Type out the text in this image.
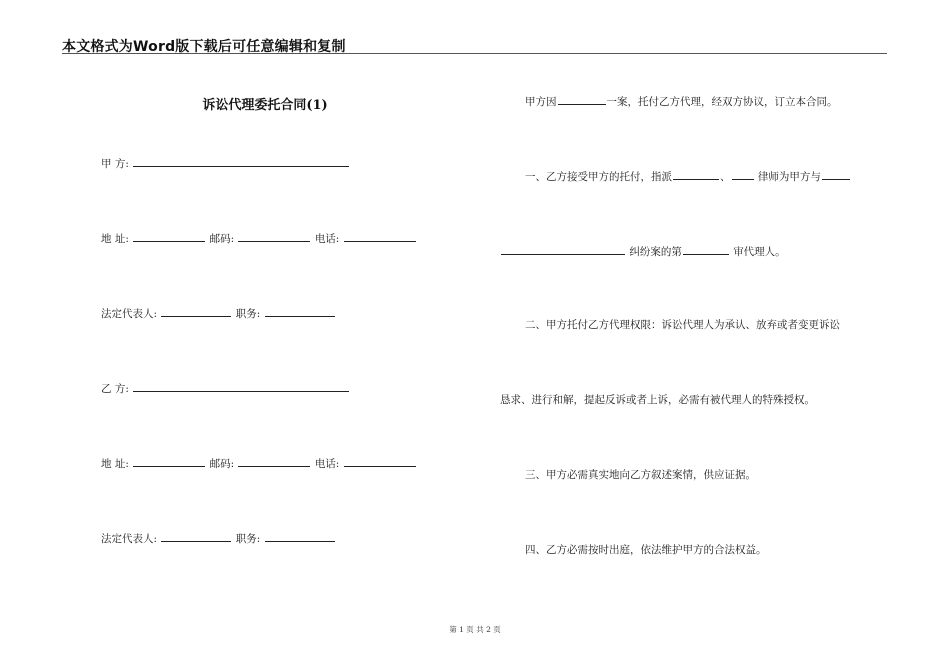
本文格式为Word版下载后可任意编辑和复制
诉讼代理委托合同(1)
甲 方:
地 址:	邮码:	电话:
法定代表人:	职务:
乙 方:
地 址:	邮码:	电话:
法定代表人:	职务:
甲方因	一案，托付乙方代理，经双方协议，订立本合同。
一、乙方接受甲方的托付，指派	、	律师为甲方与
纠纷案的第	审代理人。
二、甲方托付乙方代理权限：诉讼代理人为承认、放弃或者变更诉讼
恳求、进行和解，提起反诉或者上诉，必需有被代理人的特殊授权。
三、甲方必需真实地向乙方叙述案情，供应证据。
四、乙方必需按时出庭，依法维护甲方的合法权益。
第 1 页 共 2 页
